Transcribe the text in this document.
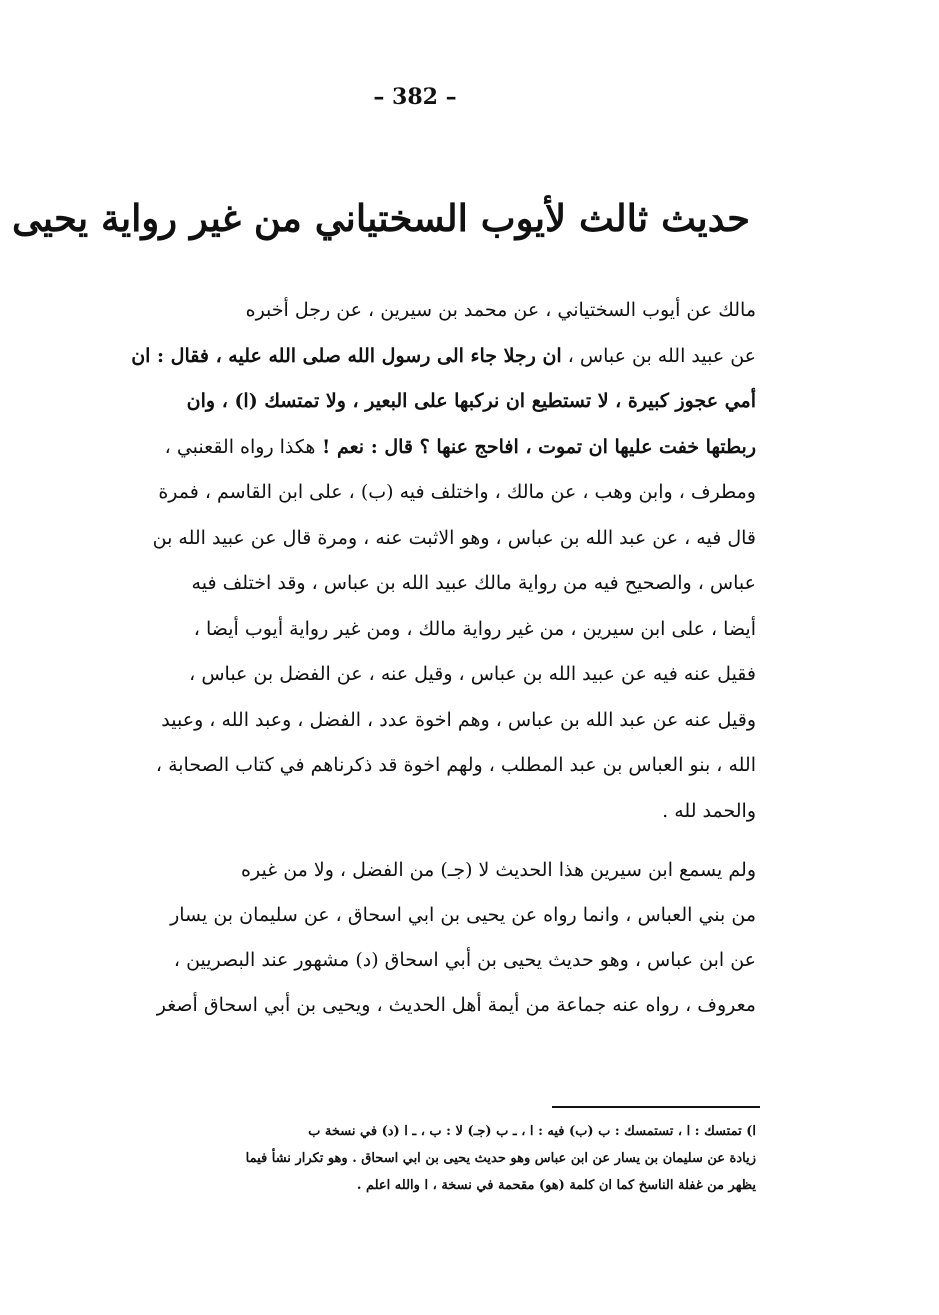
– 382 –
حديث ثالث لأيوب السختياني من غير رواية يحيى
مالك عن أيوب السختياني ، عن محمد بن سيرين ، عن رجل أخبره
عن عبيد الله بن عباس ، ان رجلا جاء الى رسول الله صلى الله عليه ، فقال : ان
أمي عجوز كبيرة ، لا تستطيع ان نركبها على البعير ، ولا تمتسك (ا) ، وان
ربطتها خفت عليها ان تموت ، افاحج عنها ؟ قال : نعم ! هكذا رواه القعنبي ،
ومطرف ، وابن وهب ، عن مالك ، واختلف فيه (ب) ، على ابن القاسم ، فمرة
قال فيه ، عن عبد الله بن عباس ، وهو الاثبت عنه ، ومرة قال عن عبيد الله بن
عباس ، والصحيح فيه من رواية مالك عبيد الله بن عباس ، وقد اختلف فيه
أيضا ، على ابن سيرين ، من غير رواية مالك ، ومن غير رواية أيوب أيضا ،
فقيل عنه فيه عن عبيد الله بن عباس ، وقيل عنه ، عن الفضل بن عباس ،
وقيل عنه عن عبد الله بن عباس ، وهم اخوة عدد ، الفضل ، وعبد الله ، وعبيد
الله ، بنو العباس بن عبد المطلب ، ولهم اخوة قد ذكرناهم في كتاب الصحابة ،
والحمد لله .
ولم يسمع ابن سيرين هذا الحديث لا (جـ) من الفضل ، ولا من غيره
من بني العباس ، وانما رواه عن يحيى بن ابي اسحاق ، عن سليمان بن يسار
عن ابن عباس ، وهو حديث يحيى بن أبي اسحاق (د) مشهور عند البصريين ،
معروف ، رواه عنه جماعة من أيمة أهل الحديث ، ويحيى بن أبي اسحاق أصغر
ا) تمتسك : ا ، تستمسك : ب (ب) فيه : ا ، ـ ب (جـ) لا : ب ، ـ ا (د) في نسخة ب
زيادة عن سليمان بن يسار عن ابن عباس وهو حديث يحيى بن ابي اسحاق . وهو تكرار نشأ فيما
يظهر من غفلة الناسخ كما ان كلمة (هو) مقحمة في نسخة ، ا والله اعلم .
